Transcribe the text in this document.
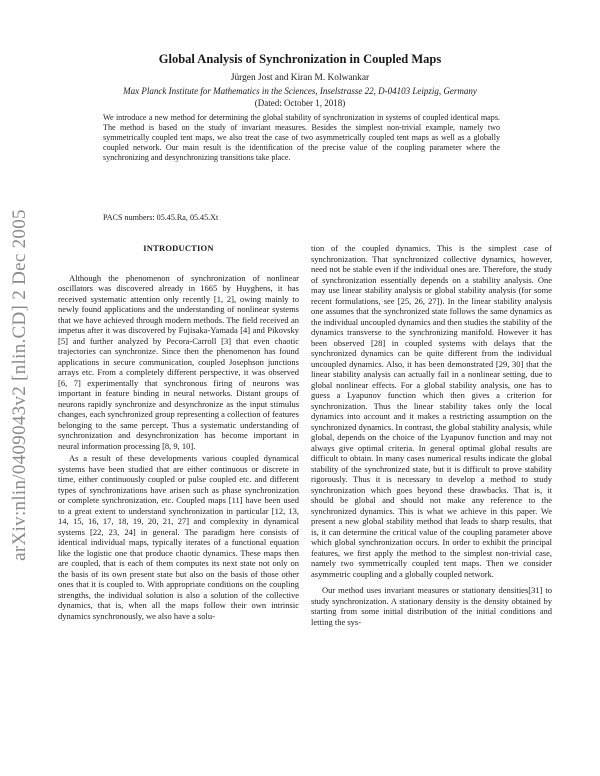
arXiv:nlin/0409043v2 [nlin.CD] 2 Dec 2005
Global Analysis of Synchronization in Coupled Maps
Jürgen Jost and Kiran M. Kolwankar
Max Planck Institute for Mathematics in the Sciences, Inselstrasse 22, D-04103 Leipzig, Germany
(Dated: October 1, 2018)
We introduce a new method for determining the global stability of synchronization in systems of coupled identical maps. The method is based on the study of invariant measures. Besides the simplest non-trivial example, namely two symmetrically coupled tent maps, we also treat the case of two asymmetrically coupled tent maps as well as a globally coupled network. Our main result is the identification of the precise value of the coupling parameter where the synchronizing and desynchronizing transitions take place.
PACS numbers: 05.45.Ra, 05.45.Xt
INTRODUCTION

Although the phenomenon of synchronization of nonlinear oscillators was discovered already in 1665 by Huyghens, it has received systematic attention only recently [1, 2], owing mainly to newly found applications and the understanding of nonlinear systems that we have achieved through modern methods. The field received an impetus after it was discovered by Fujisaka-Yamada [4] and Pikovsky [5] and further analyzed by Pecora-Carroll [3] that even chaotic trajectories can synchronize. Since then the phenomenon has found applications in secure communication, coupled Josephson junctions arrays etc. From a completely different perspective, it was observed [6, 7] experimentally that synchronous firing of neurons was important in feature binding in neural networks. Distant groups of neurons rapidly synchronize and desynchronize as the input stimulus changes, each synchronized group representing a collection of features belonging to the same percept. Thus a systematic understanding of synchronization and desynchronization has become important in neural information processing [8, 9, 10].

As a result of these developments various coupled dynamical systems have been studied that are either continuous or discrete in time, either continuously coupled or pulse coupled etc. and different types of synchronizations have arisen such as phase synchronization or complete synchronization, etc. Coupled maps [11] have been used to a great extent to understand synchronization in particular [12, 13, 14, 15, 16, 17, 18, 19, 20, 21, 27] and complexity in dynamical systems [22, 23, 24] in general. The paradigm here consists of identical individual maps, typically iterates of a functional equation like the logistic one that produce chaotic dynamics. These maps then are coupled, that is each of them computes its next state not only on the basis of its own present state but also on the basis of those other ones that it is coupled to. With appropriate conditions on the coupling strengths, the individual solution is also a solution of the collective dynamics, that is, when all the maps follow their own intrinsic dynamics synchronously, we also have a solu-

tion of the coupled dynamics. This is the simplest case of synchronization. That synchronized collective dynamics, however, need not be stable even if the individual ones are. Therefore, the study of synchronization essentially depends on a stability analysis. One may use linear stability analysis or global stability analysis (for some recent formulations, see [25, 26, 27]). In the linear stability analysis one assumes that the synchronized state follows the same dynamics as the individual uncoupled dynamics and then studies the stability of the dynamics transverse to the synchronizing manifold. However it has been observed [28] in coupled systems with delays that the synchronized dynamics can be quite different from the individual uncoupled dynamics. Also, it has been demonstrated [29, 30] that the linear stability analysis can actually fail in a nonlinear setting, due to global nonlinear effects. For a global stability analysis, one has to guess a Lyapunov function which then gives a criterion for synchronization. Thus the linear stability takes only the local dynamics into account and it makes a restricting assumption on the synchronized dynamics. In contrast, the global stability analysis, while global, depends on the choice of the Lyapunov function and may not always give optimal criteria. In general optimal global results are difficult to obtain. In many cases numerical results indicate the global stability of the synchronized state, but it is difficult to prove stability rigorously. Thus it is necessary to develop a method to study synchronization which goes beyond these drawbacks. That is, it should be global and should not make any reference to the synchronized dynamics. This is what we achieve in this paper. We present a new global stability method that leads to sharp results, that is, it can determine the critical value of the coupling parameter above which global synchronization occurs. In order to exhibit the principal features, we first apply the method to the simplest non-trivial case, namely two symmetrically coupled tent maps. Then we consider asymmetric coupling and a globally coupled network.

Our method uses invariant measures or stationary densities[31] to study synchronization. A stationary density is the density obtained by starting from some initial distribution of the initial conditions and letting the sys-
